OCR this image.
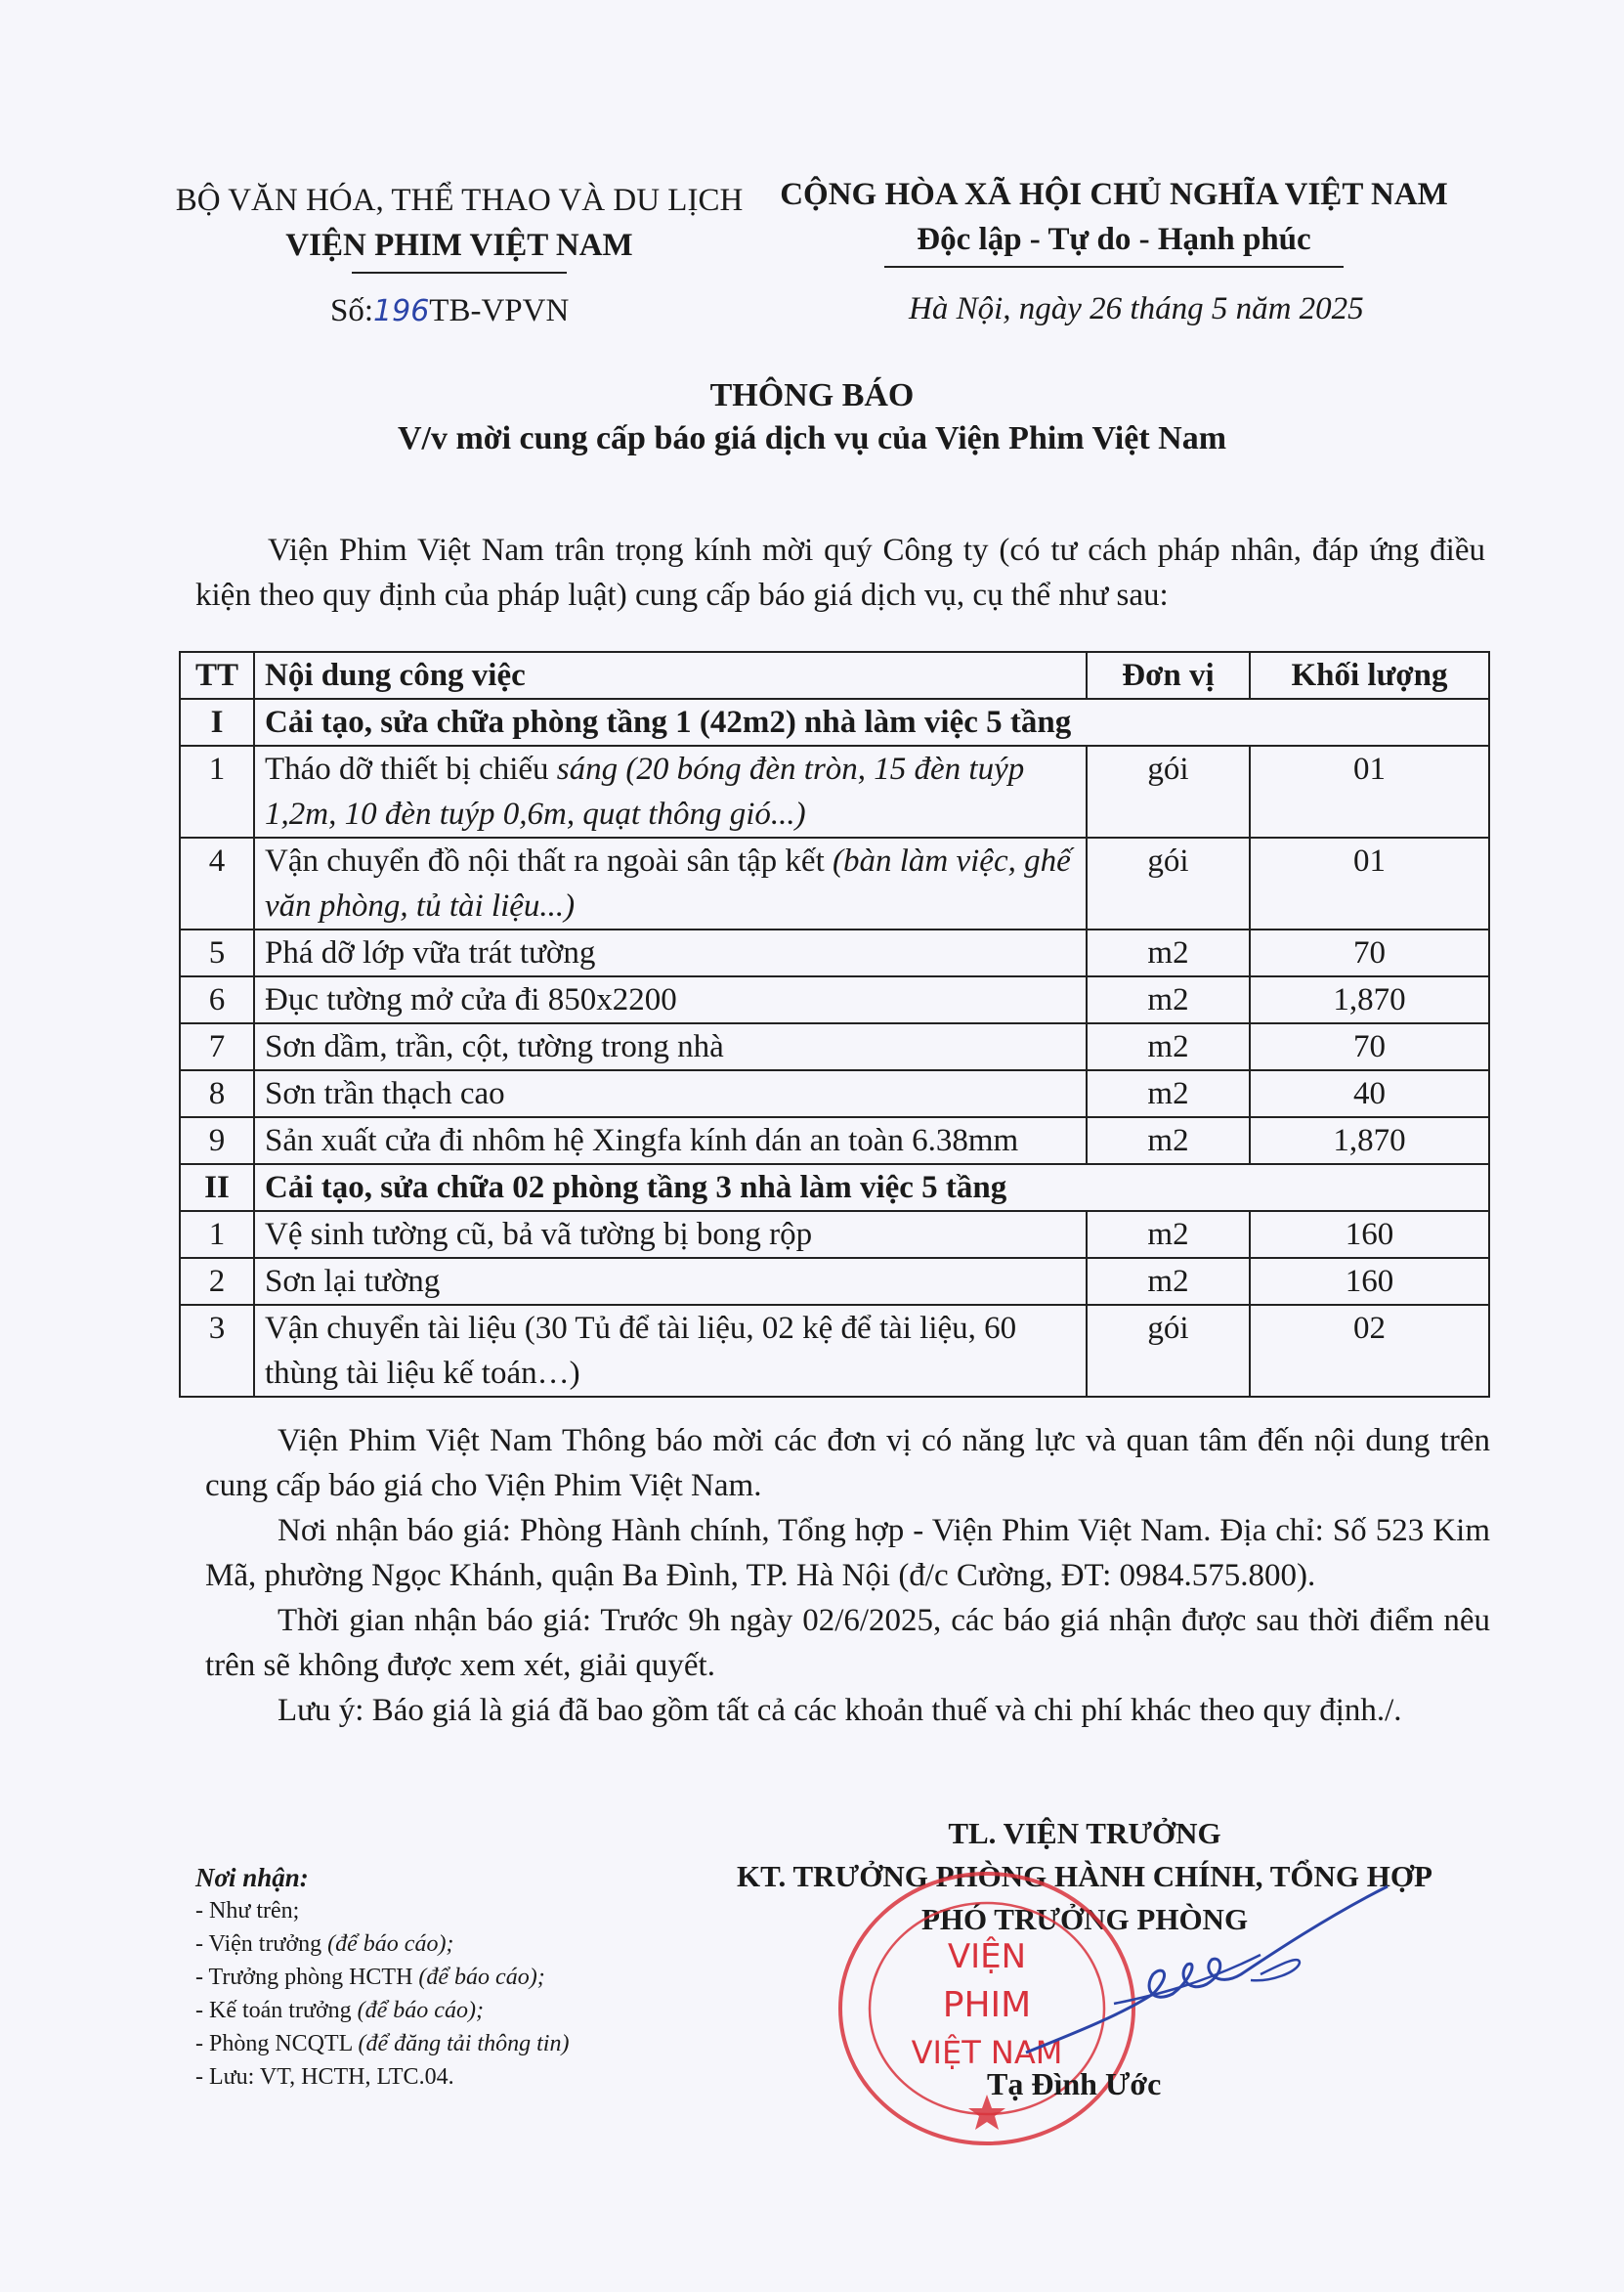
BỘ VĂN HÓA, THỂ THAO VÀ DU LỊCH
VIỆN PHIM VIỆT NAM
CỘNG HÒA XÃ HỘI CHỦ NGHĨA VIỆT NAM
Độc lập - Tự do - Hạnh phúc
Số:196TB-VPVN	Hà Nội, ngày 26 tháng 5 năm 2025
THÔNG BÁO
V/v mời cung cấp báo giá dịch vụ của Viện Phim Việt Nam
Viện Phim Việt Nam trân trọng kính mời quý Công ty (có tư cách pháp nhân, đáp ứng điều kiện theo quy định của pháp luật) cung cấp báo giá dịch vụ, cụ thể như sau:
TT	Nội dung công việc	Đơn vị	Khối lượng
I	Cải tạo, sửa chữa phòng tầng 1 (42m2) nhà làm việc 5 tầng		
1	Tháo dỡ thiết bị chiếu sáng (20 bóng đèn tròn, 15 đèn tuýp 1,2m, 10 đèn tuýp 0,6m, quạt thông gió...)	gói	01
4	Vận chuyển đồ nội thất ra ngoài sân tập kết (bàn làm việc, ghế văn phòng, tủ tài liệu...)	gói	01
5	Phá dỡ lớp vữa trát tường	m2	70
6	Đục tường mở cửa đi 850x2200	m2	1,870
7	Sơn dầm, trần, cột, tường trong nhà	m2	70
8	Sơn trần thạch cao	m2	40
9	Sản xuất cửa đi nhôm hệ Xingfa kính dán an toàn 6.38mm	m2	1,870
II	Cải tạo, sửa chữa 02 phòng tầng 3 nhà làm việc 5 tầng		
1	Vệ sinh tường cũ, bả vã tường bị bong rộp	m2	160
2	Sơn lại tường	m2	160
3	Vận chuyển tài liệu (30 Tủ để tài liệu, 02 kệ để tài liệu, 60 thùng tài liệu kế toán…)	gói	02

Viện Phim Việt Nam Thông báo mời các đơn vị có năng lực và quan tâm đến nội dung trên cung cấp báo giá cho Viện Phim Việt Nam.

Nơi nhận báo giá: Phòng Hành chính, Tổng hợp - Viện Phim Việt Nam. Địa chỉ: Số 523 Kim Mã, phường Ngọc Khánh, quận Ba Đình, TP. Hà Nội (đ/c Cường, ĐT: 0984.575.800).

Thời gian nhận báo giá: Trước 9h ngày 02/6/2025, các báo giá nhận được sau thời điểm nêu trên sẽ không được xem xét, giải quyết.

Lưu ý: Báo giá là giá đã bao gồm tất cả các khoản thuế và chi phí khác theo quy định./.

Nơi nhận:
- Như trên;
- Viện trưởng (để báo cáo);
- Trưởng phòng HCTH (để báo cáo);
- Kế toán trưởng (để báo cáo);
- Phòng NCQTL (để đăng tải thông tin)
- Lưu: VT, HCTH, LTC.04.
TL. VIỆN TRƯỞNG
KT. TRƯỞNG PHÒNG HÀNH CHÍNH, TỔNG HỢP
PHÓ TRƯỞNG PHÒNG
VIỆN
PHIM
VIỆT NAM
Tạ Đình Ước
